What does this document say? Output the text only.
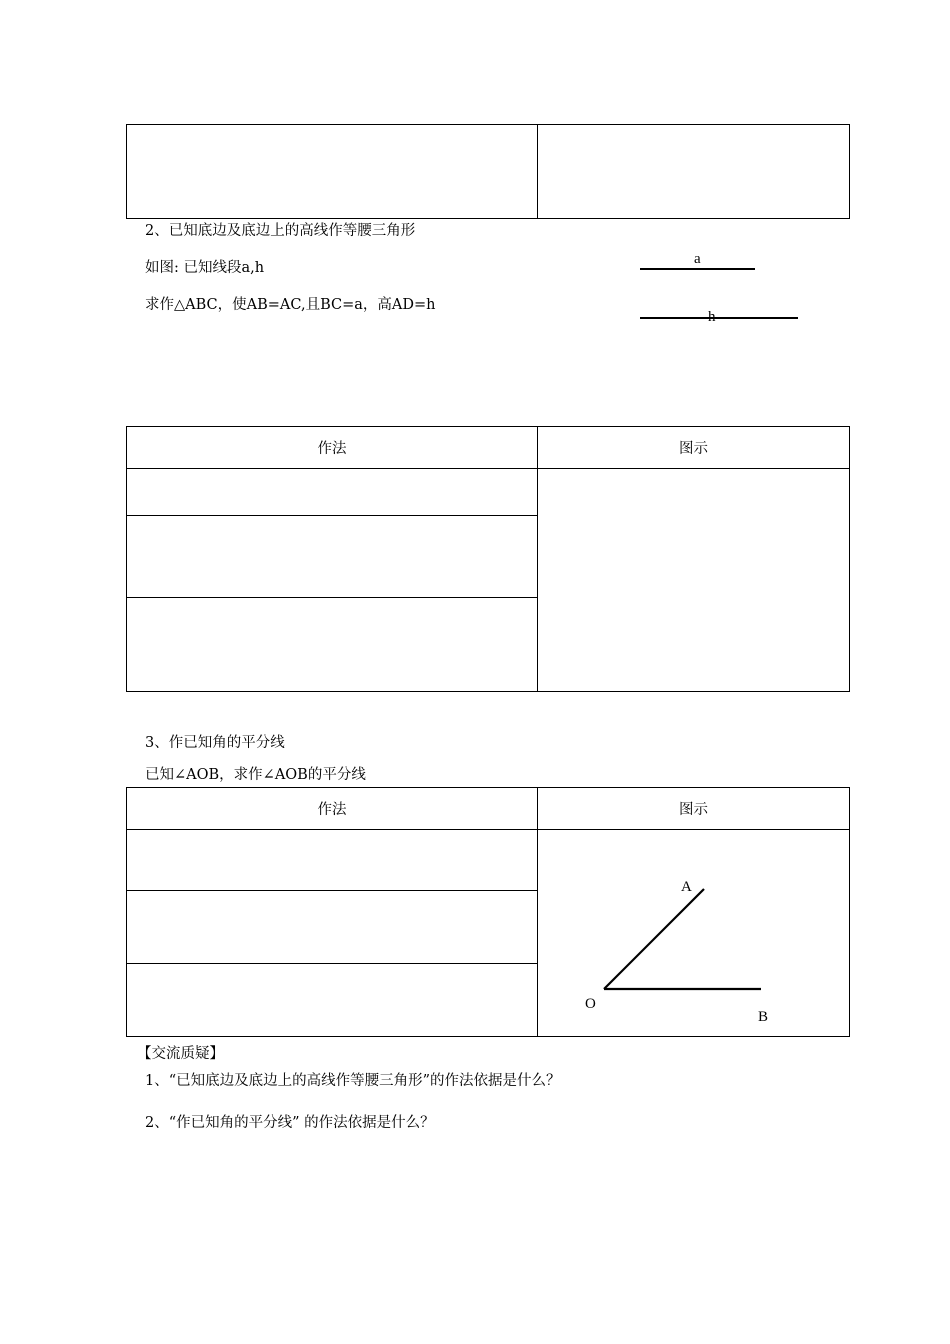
2、已知底边及底边上的高线作等腰三角形
如图: 已知线段a,h
求作△ABC，使AB=AC,且BC=a，高AD=h
a
h
作法	图示

3、作已知角的平分线
已知∠AOB，求作∠AOB的平分线
作法	图示

A
O
B
【交流质疑】
1、“已知底边及底边上的高线作等腰三角形”的作法依据是什么？
2、“作已知角的平分线” 的作法依据是什么？
